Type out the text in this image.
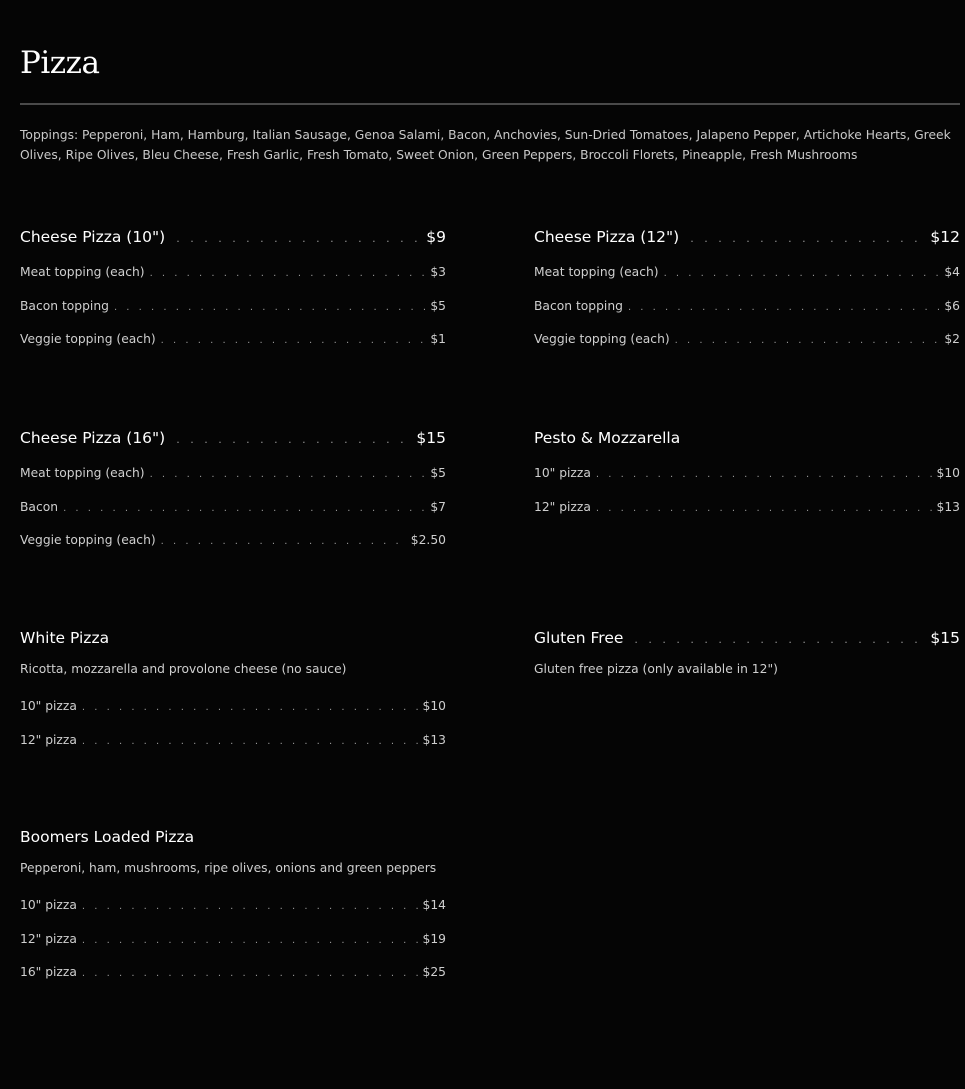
Pizza

Toppings: Pepperoni, Ham, Hamburg, Italian Sausage, Genoa Salami, Bacon, Anchovies, Sun-Dried Tomatoes, Jalapeno Pepper, Artichoke Hearts, Greek Olives, Ripe Olives, Bleu Cheese, Fresh Garlic, Fresh Tomato, Sweet Onion, Green Peppers, Broccoli Florets, Pineapple, Fresh Mushrooms

Cheese Pizza (10") . . .	$9
Meat topping (each) . . .	$3
Bacon topping . . .	$5
Veggie topping (each) . . .	$1
Cheese Pizza (12") . . .	$12
Meat topping (each) . . .	$4
Bacon topping . . .	$6
Veggie topping (each) . . .	$2
Cheese Pizza (16") . . .	$15
Meat topping (each) . . .	$5
Bacon . . .	$7
Veggie topping (each) . . .	$2.50
Pesto & Mozzarella
10" pizza . . .	$10
12" pizza . . .	$13
White Pizza

Ricotta, mozzarella and provolone cheese (no sauce)

10" pizza . . .	$10
12" pizza . . .	$13
Gluten Free . . .	$15

Gluten free pizza (only available in 12")

Boomers Loaded Pizza

Pepperoni, ham, mushrooms, ripe olives, onions and green peppers

10" pizza . . .	$14
12" pizza . . .	$19
16" pizza . . .	$25
